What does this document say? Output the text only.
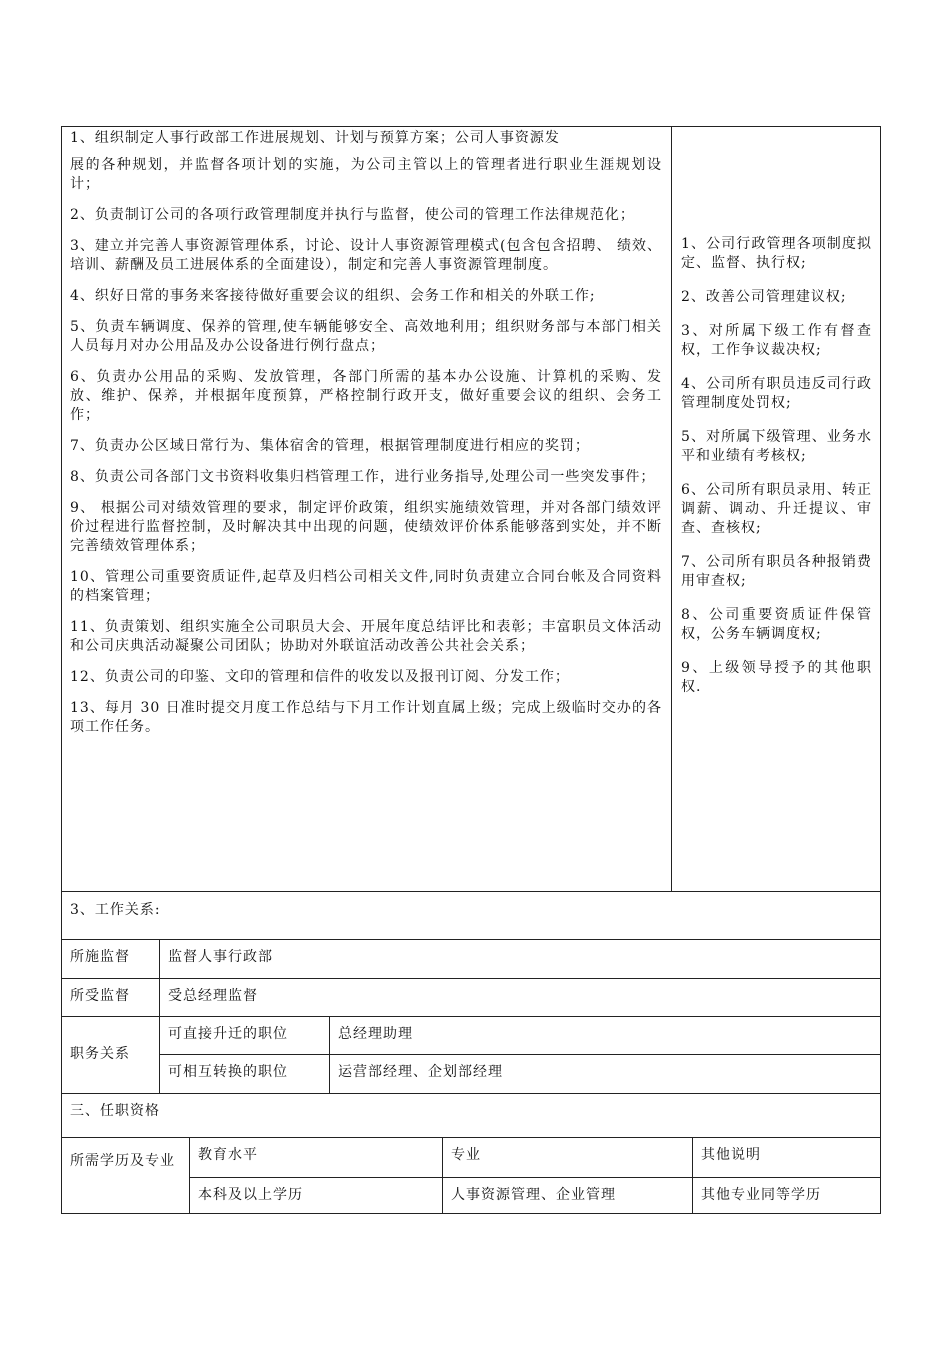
1、组织制定人事行政部工作进展规划、计划与预算方案；公司人事资源发

展的各种规划，并监督各项计划的实施，为公司主管以上的管理者进行职业生涯规划设计；

2、负责制订公司的各项行政管理制度并执行与监督，使公司的管理工作法律规范化；

3、建立并完善人事资源管理体系，讨论、设计人事资源管理模式(包含包含招聘、 绩效、 培训、薪酬及员工进展体系的全面建设），制定和完善人事资源管理制度。

4、织好日常的事务来客接待做好重要会议的组织、会务工作和相关的外联工作;

5、负责车辆调度、保养的管理,使车辆能够安全、高效地利用；组织财务部与本部门相关人员每月对办公用品及办公设备进行例行盘点；

6、负责办公用品的采购、发放管理，各部门所需的基本办公设施、计算机的采购、发放、维护、保养，并根据年度预算，严格控制行政开支，做好重要会议的组织、会务工作；

7、负责办公区域日常行为、集体宿舍的管理，根据管理制度进行相应的奖罚；

8、负责公司各部门文书资料收集归档管理工作，进行业务指导,处理公司一些突发事件；

9、 根据公司对绩效管理的要求，制定评价政策，组织实施绩效管理，并对各部门绩效评价过程进行监督控制，及时解决其中出现的问题，使绩效评价体系能够落到实处，并不断完善绩效管理体系；

10、管理公司重要资质证件,起草及归档公司相关文件,同时负责建立合同台帐及合同资料的档案管理；

11、负责策划、组织实施全公司职员大会、开展年度总结评比和表彰；丰富职员文体活动和公司庆典活动凝聚公司团队；协助对外联谊活动改善公共社会关系；

12、负责公司的印鉴、文印的管理和信件的收发以及报刊订阅、分发工作；

13、每月 30 日准时提交月度工作总结与下月工作计划直属上级；完成上级临时交办的各项工作任务。

1、公司行政管理各项制度拟定、监督、执行权;

2、改善公司管理建议权;

3、对所属下级工作有督查权，工作争议裁决权;

4、公司所有职员违反司行政管理制度处罚权;

5、对所属下级管理、业务水平和业绩有考核权;

6、公司所有职员录用、转正调薪、调动、升迁提议、审查、查核权;

7、公司所有职员各种报销费用审查权;

8、公司重要资质证件保管权，公务车辆调度权;

9、上级领导授予的其他职权.

3、工作关系:		
所施监督	监督人事行政部	
所受监督	受总经理监督	
职务关系	可直接升迁的职位	总经理助理
	可相互转换的职位	运营部经理、企划部经理
三、任职资格			
所需学历及专业	教育水平	专业	其他说明
	本科及以上学历	人事资源管理、企业管理	其他专业同等学历
